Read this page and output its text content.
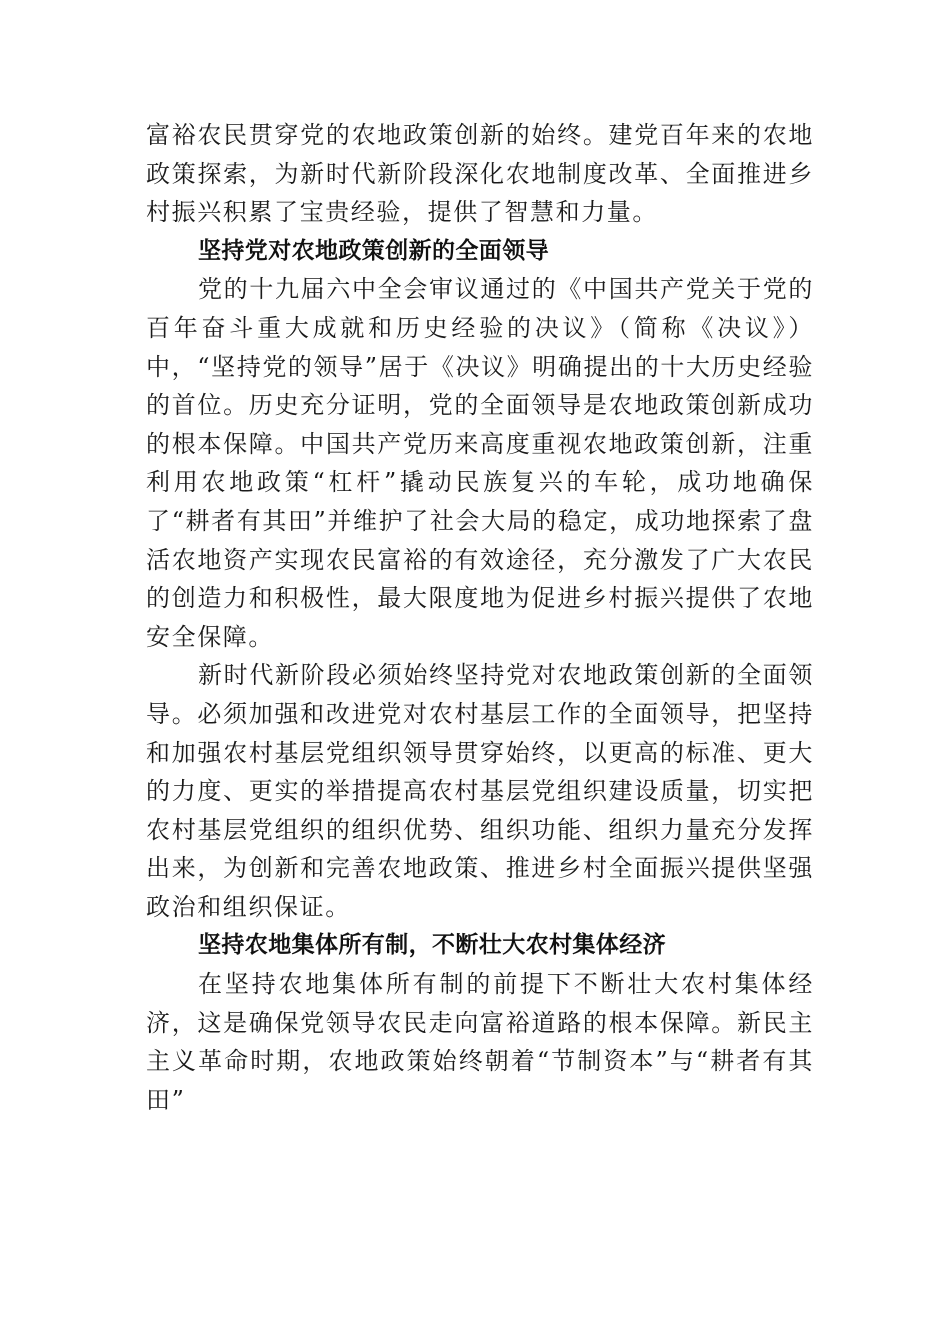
富裕农民贯穿党的农地政策创新的始终。建党百年来的农地政策探索，为新时代新阶段深化农地制度改革、全面推进乡村振兴积累了宝贵经验，提供了智慧和力量。

坚持党对农地政策创新的全面领导

党的十九届六中全会审议通过的《中国共产党关于党的百年奋斗重大成就和历史经验的决议》（简称《决议》）中，“坚持党的领导”居于《决议》明确提出的十大历史经验的首位。历史充分证明，党的全面领导是农地政策创新成功的根本保障。中国共产党历来高度重视农地政策创新，注重利用农地政策“杠杆”撬动民族复兴的车轮，成功地确保了“耕者有其田”并维护了社会大局的稳定，成功地探索了盘活农地资产实现农民富裕的有效途径，充分激发了广大农民的创造力和积极性，最大限度地为促进乡村振兴提供了农地安全保障。

新时代新阶段必须始终坚持党对农地政策创新的全面领导。必须加强和改进党对农村基层工作的全面领导，把坚持和加强农村基层党组织领导贯穿始终，以更高的标准、更大的力度、更实的举措提高农村基层党组织建设质量，切实把农村基层党组织的组织优势、组织功能、组织力量充分发挥出来，为创新和完善农地政策、推进乡村全面振兴提供坚强政治和组织保证。

坚持农地集体所有制，不断壮大农村集体经济

在坚持农地集体所有制的前提下不断壮大农村集体经济，这是确保党领导农民走向富裕道路的根本保障。新民主主义革命时期，农地政策始终朝着“节制资本”与“耕者有其田”
